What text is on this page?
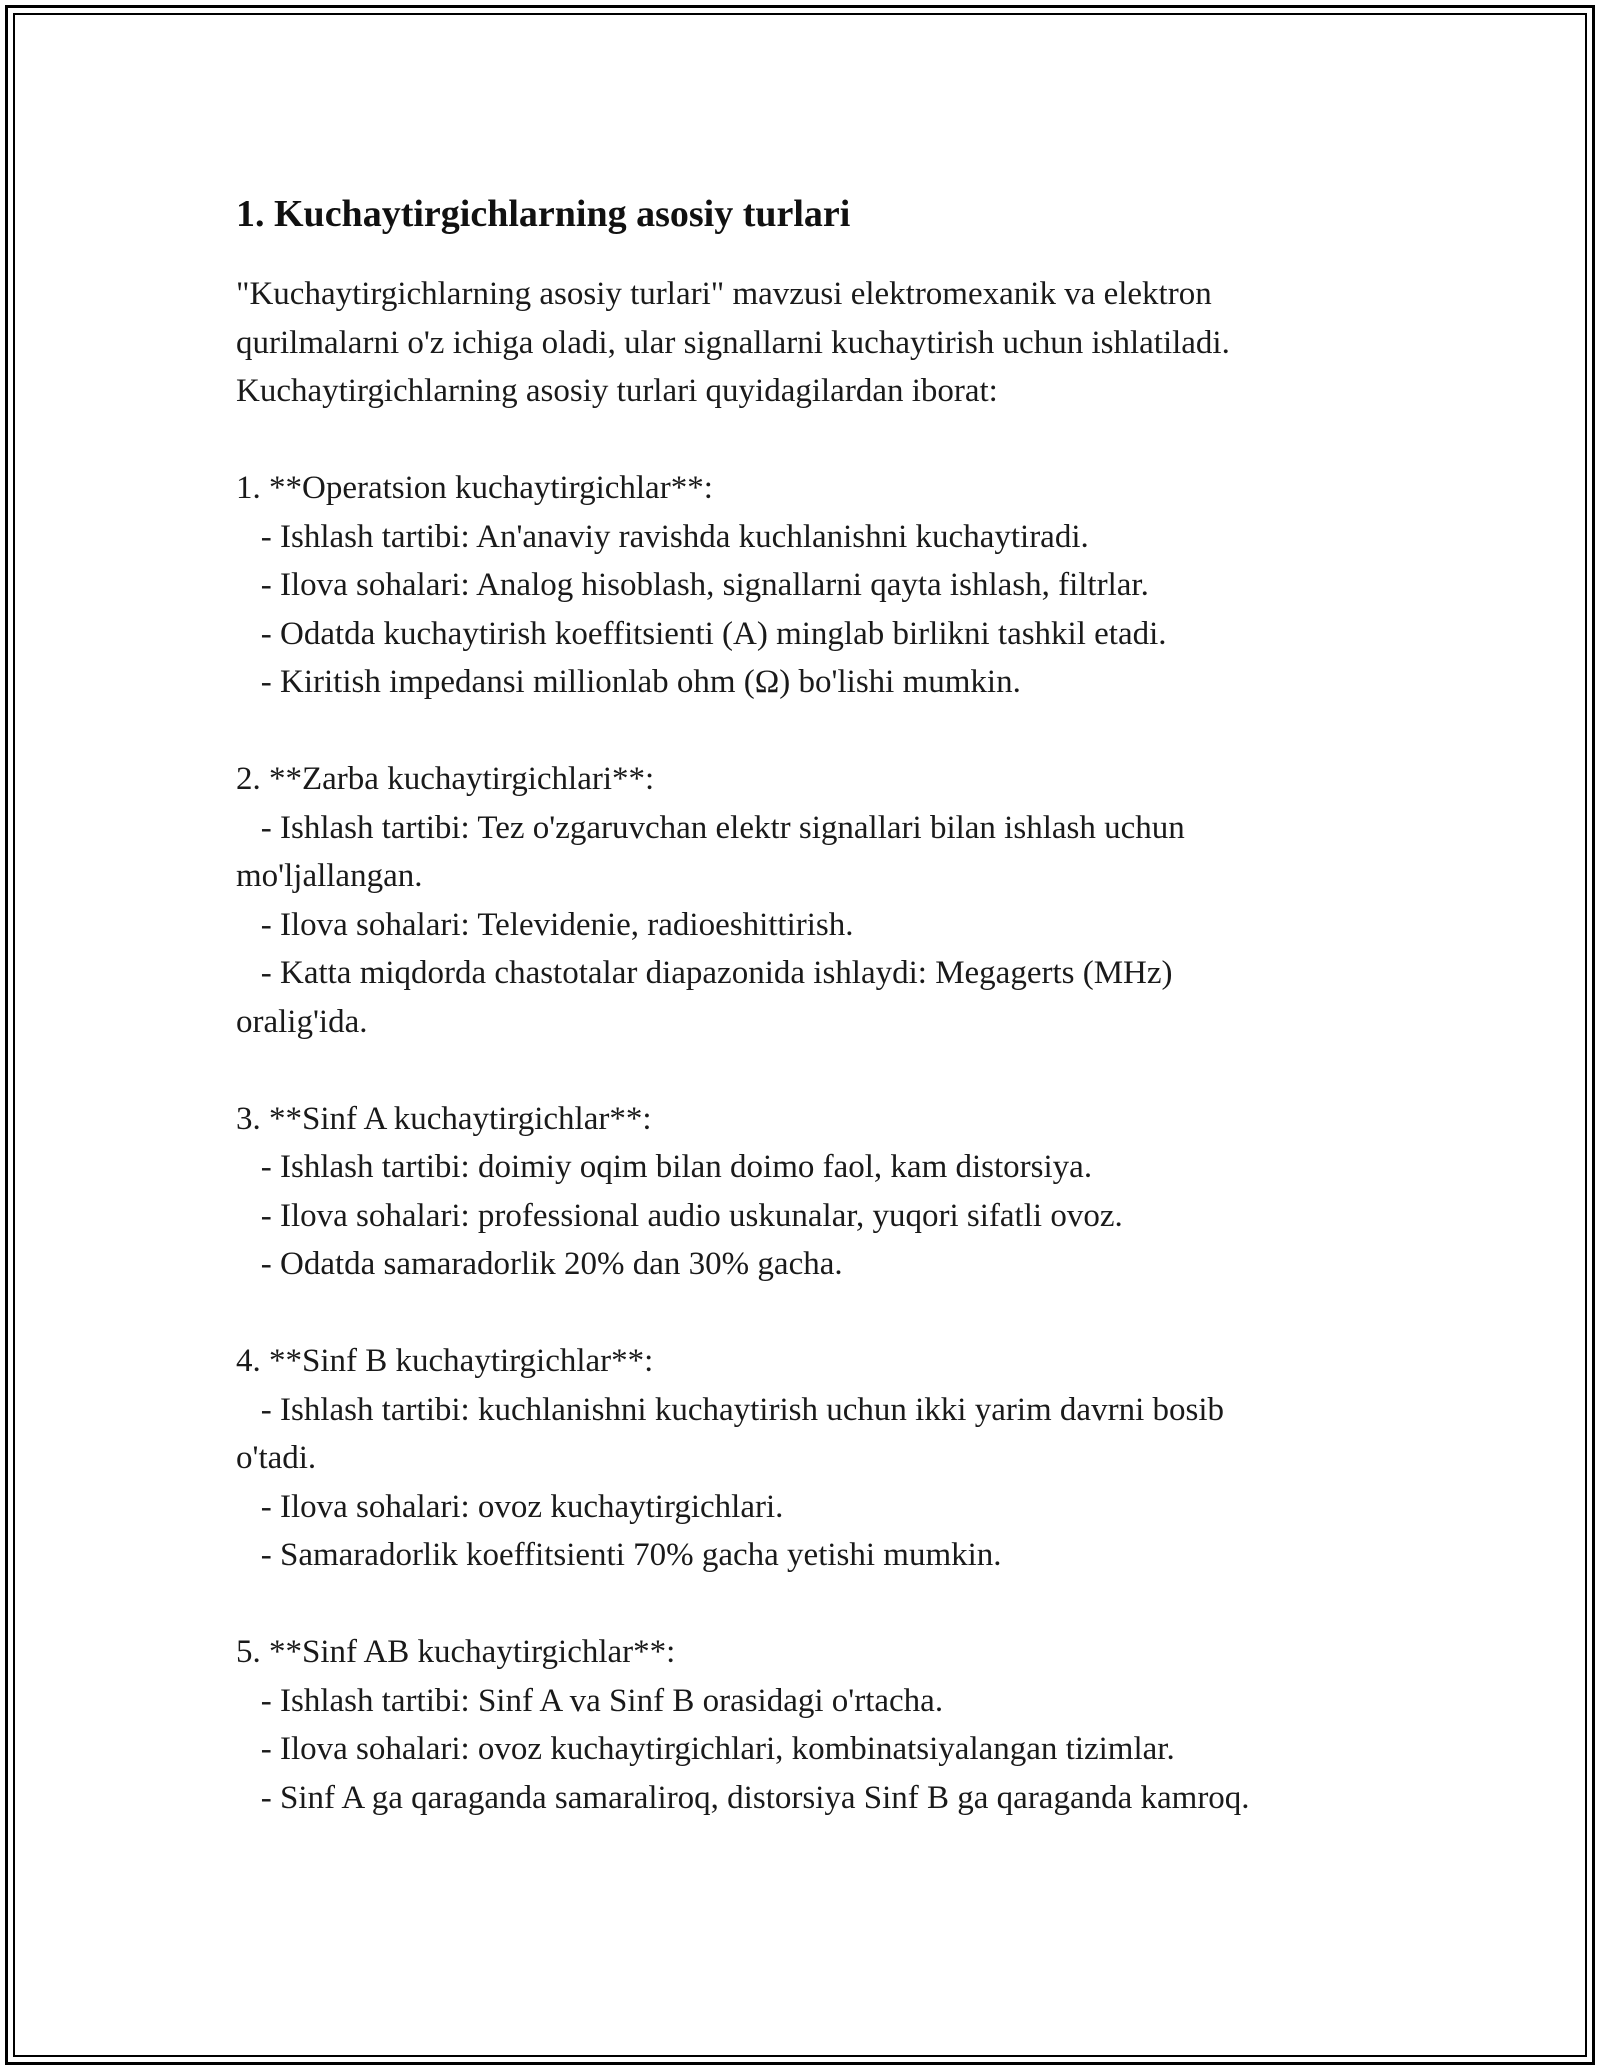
1. Kuchaytirgichlarning asosiy turlari

"Kuchaytirgichlarning asosiy turlari" mavzusi elektromexanik va elektron

qurilmalarni o'z ichiga oladi, ular signallarni kuchaytirish uchun ishlatiladi.

Kuchaytirgichlarning asosiy turlari quyidagilardan iborat:

1. **Operatsion kuchaytirgichlar**:

- Ishlash tartibi: An'anaviy ravishda kuchlanishni kuchaytiradi.

- Ilova sohalari: Analog hisoblash, signallarni qayta ishlash, filtrlar.

- Odatda kuchaytirish koeffitsienti (A) minglab birlikni tashkil etadi.

- Kiritish impedansi millionlab ohm (Ω) bo'lishi mumkin.

2. **Zarba kuchaytirgichlari**:

- Ishlash tartibi: Tez o'zgaruvchan elektr signallari bilan ishlash uchun

mo'ljallangan.

- Ilova sohalari: Televidenie, radioeshittirish.

- Katta miqdorda chastotalar diapazonida ishlaydi: Megagerts (MHz)

oralig'ida.

3. **Sinf A kuchaytirgichlar**:

- Ishlash tartibi: doimiy oqim bilan doimo faol, kam distorsiya.

- Ilova sohalari: professional audio uskunalar, yuqori sifatli ovoz.

- Odatda samaradorlik 20% dan 30% gacha.

4. **Sinf B kuchaytirgichlar**:

- Ishlash tartibi: kuchlanishni kuchaytirish uchun ikki yarim davrni bosib

o'tadi.

- Ilova sohalari: ovoz kuchaytirgichlari.

- Samaradorlik koeffitsienti 70% gacha yetishi mumkin.

5. **Sinf AB kuchaytirgichlar**:

- Ishlash tartibi: Sinf A va Sinf B orasidagi o'rtacha.

- Ilova sohalari: ovoz kuchaytirgichlari, kombinatsiyalangan tizimlar.

- Sinf A ga qaraganda samaraliroq, distorsiya Sinf B ga qaraganda kamroq.
